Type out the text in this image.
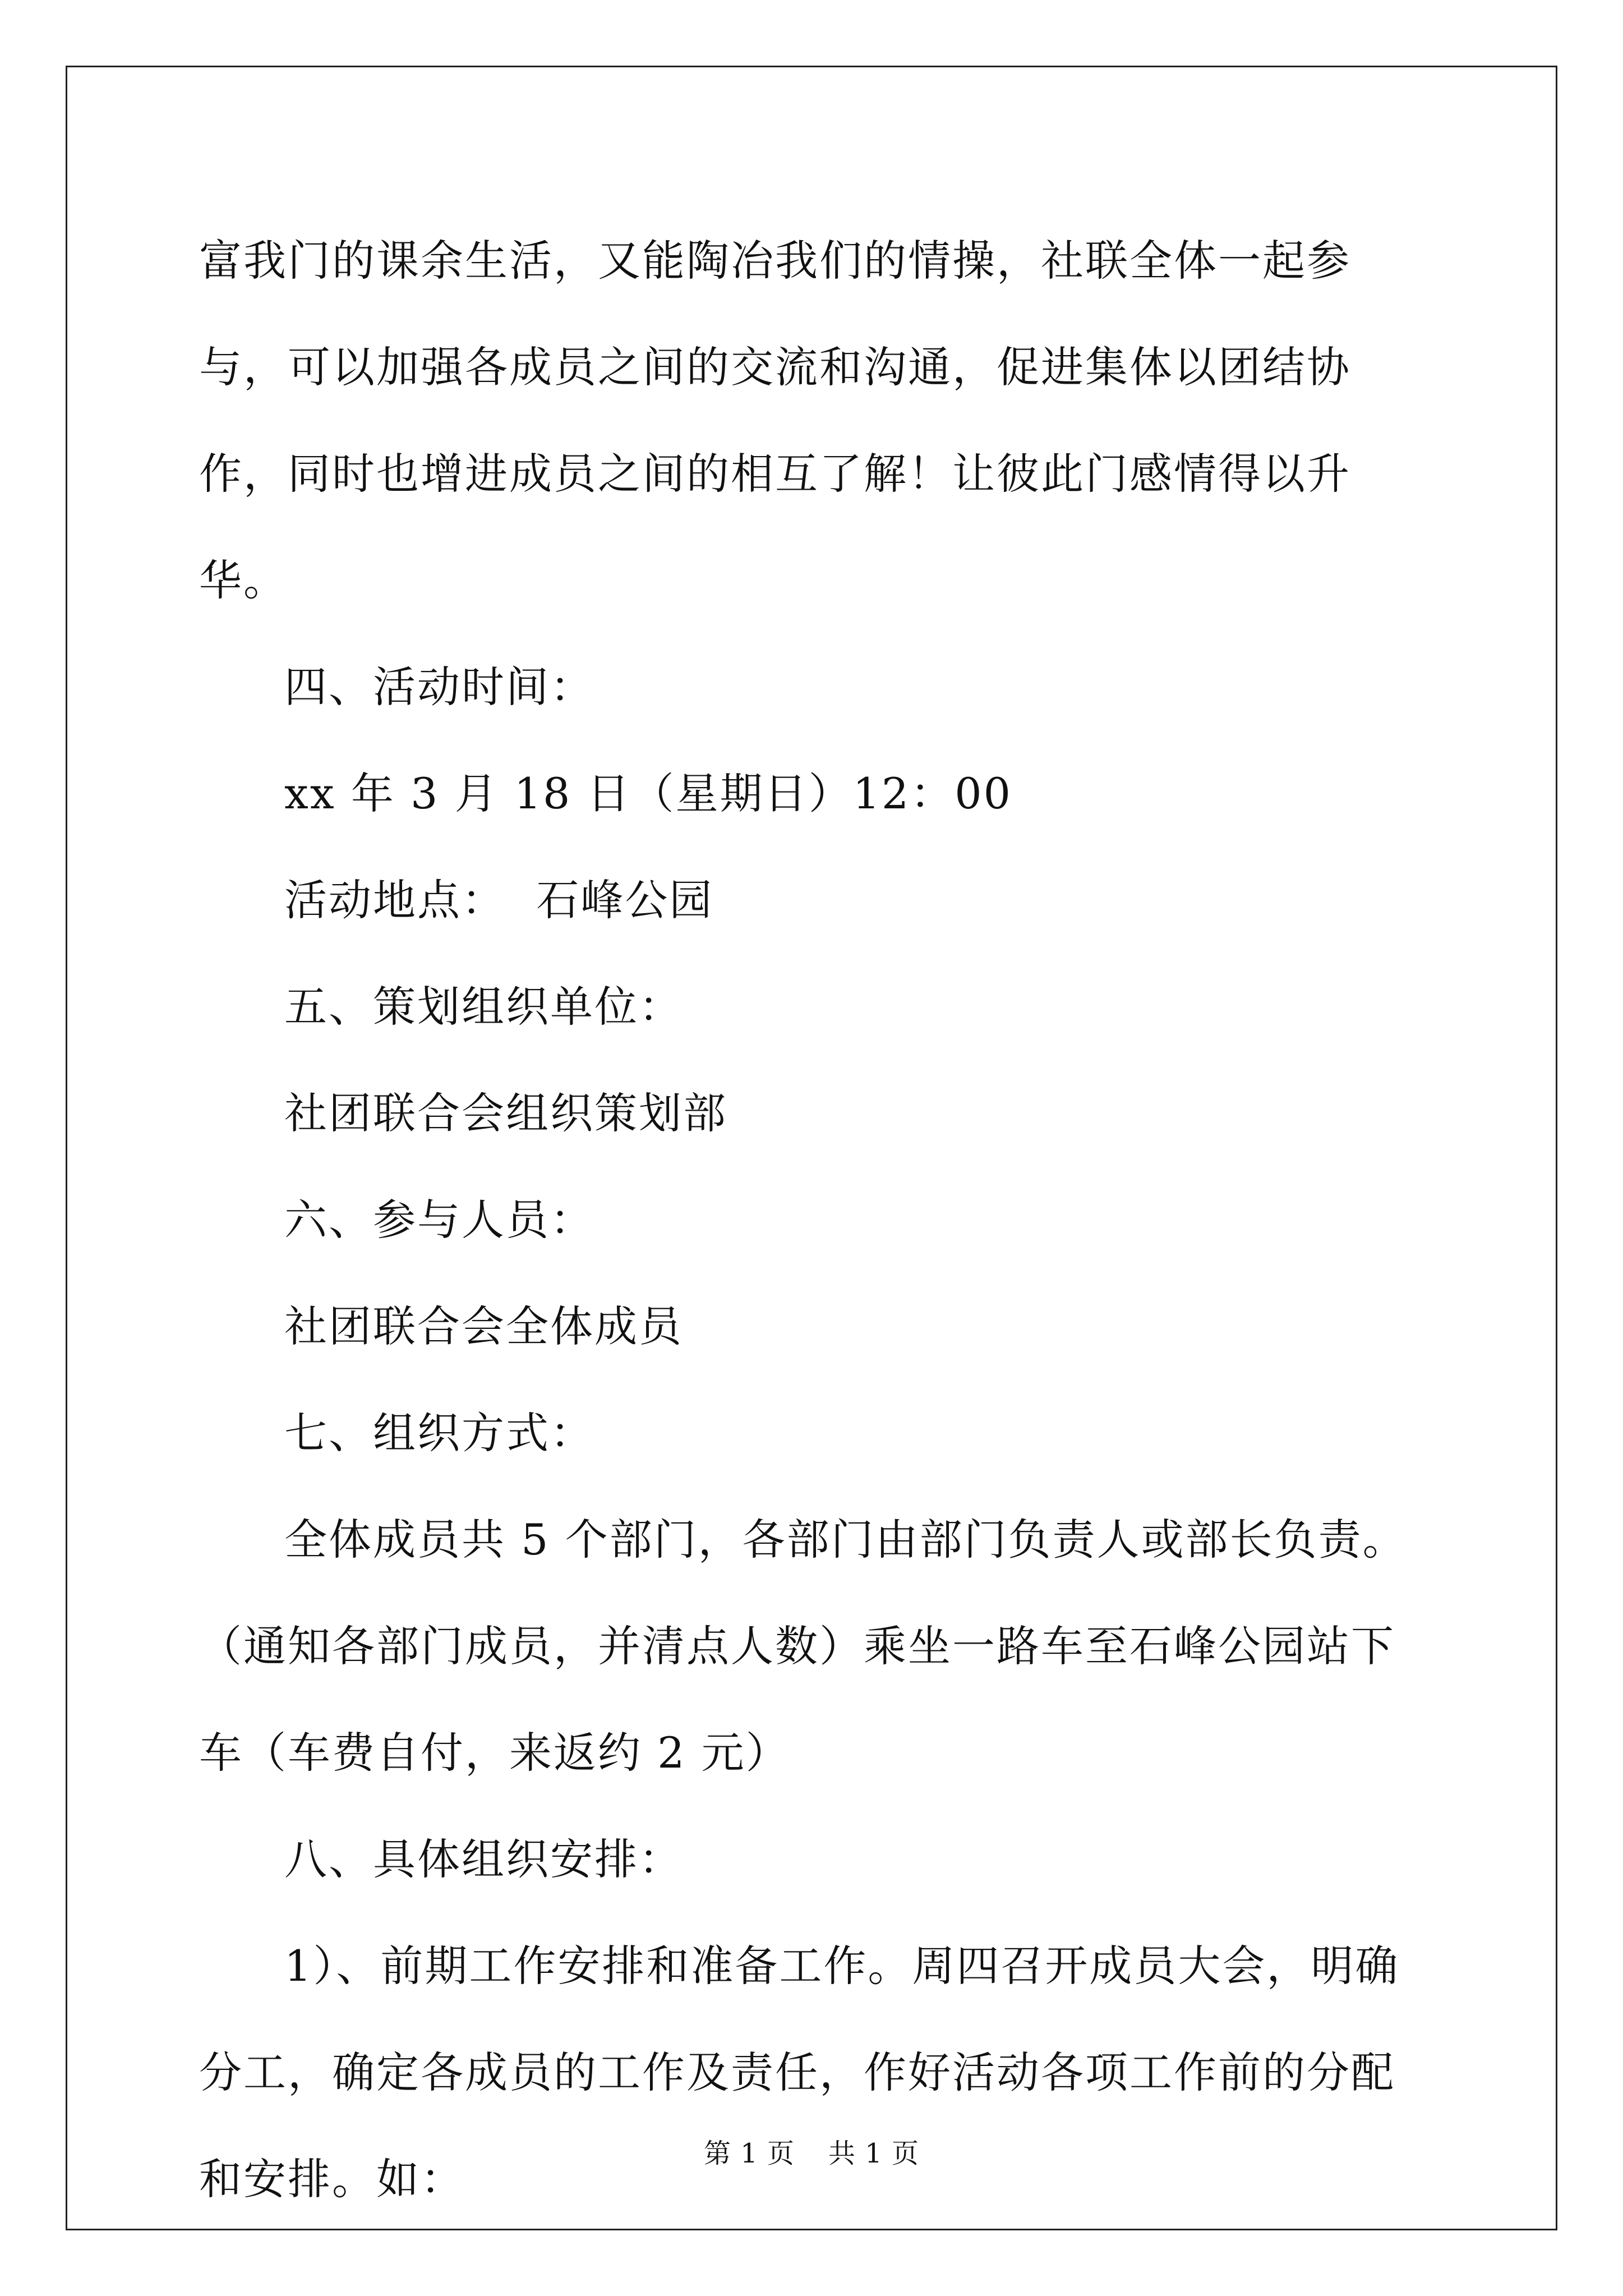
富我门的课余生活，又能陶冶我们的情操，社联全体一起参与，可以加强各成员之间的交流和沟通，促进集体以团结协作，同时也增进成员之间的相互了解！让彼此门感情得以升华。

四、活动时间：

xx 年 3 月 18 日（星期日）12：00

活动地点：  石峰公园

五、策划组织单位：

社团联合会组织策划部

六、参与人员：

社团联合会全体成员

七、组织方式：

全体成员共 5 个部门，各部门由部门负责人或部长负责。（通知各部门成员，并清点人数）乘坐一路车至石峰公园站下车（车费自付，来返约 2 元）

八、具体组织安排：

1）、前期工作安排和准备工作。周四召开成员大会，明确分工，确定各成员的工作及责任，作好活动各项工作前的分配和安排。如：

第 1 页 共 1 页
